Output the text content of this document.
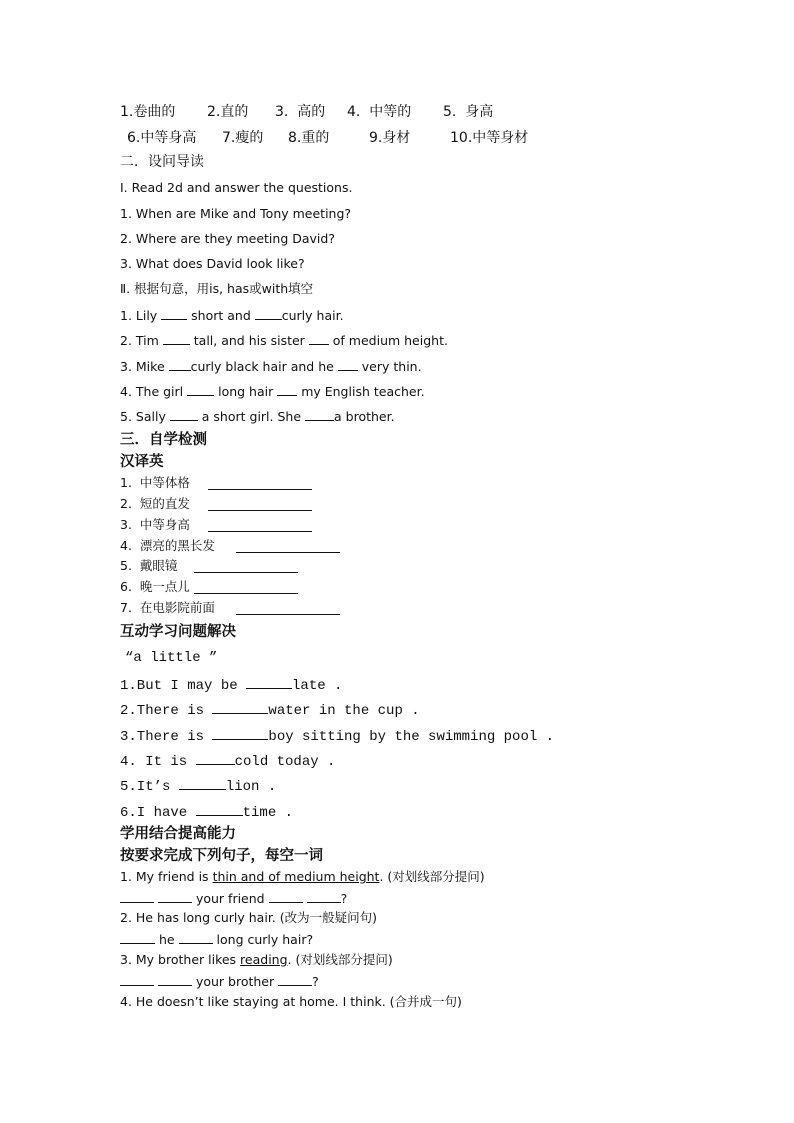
1.卷曲的 2.直的 3.  高的 4.  中等的 5.  身高
6.中等身高 7.瘦的 8.重的	9.身材	10.中等身材
二．设问导读
Ⅰ. Read 2d and answer the questions.
1. When are Mike and Tony meeting?
2. Where are they meeting David?
3. What does David look like?
Ⅱ. 根据句意，用is, has或with填空
1. Lily  short and curly hair.
2. Tim  tall, and his sister  of medium height.
3. Mike curly black hair and he  very thin.
4. The girl  long hair  my English teacher.
5. Sally  a short girl. She a brother.
三．自学检测
汉译英
1.  中等体格
2.  短的直发
3.  中等身高
4.  漂亮的黑长发
5.  戴眼镜
6.  晚一点儿
7.  在电影院前面
互动学习问题解决
“a little ”
1.But I may be	late .
2.There is	water in the cup .
3.There is	boy sitting by the swimming pool .
4. It is	cold today .
5.It’s	lion .
6.I have	time .
学用结合提高能力
按要求完成下列句子，每空一词
1. My friend is thin and of medium height. (对划线部分提问)
your friend	?
2. He has long curly hair. (改为一般疑问句)
he	long curly hair?
3. My brother likes reading. (对划线部分提问)
your brother	?
4. He doesn’t like staying at home. I think. (合并成一句)
